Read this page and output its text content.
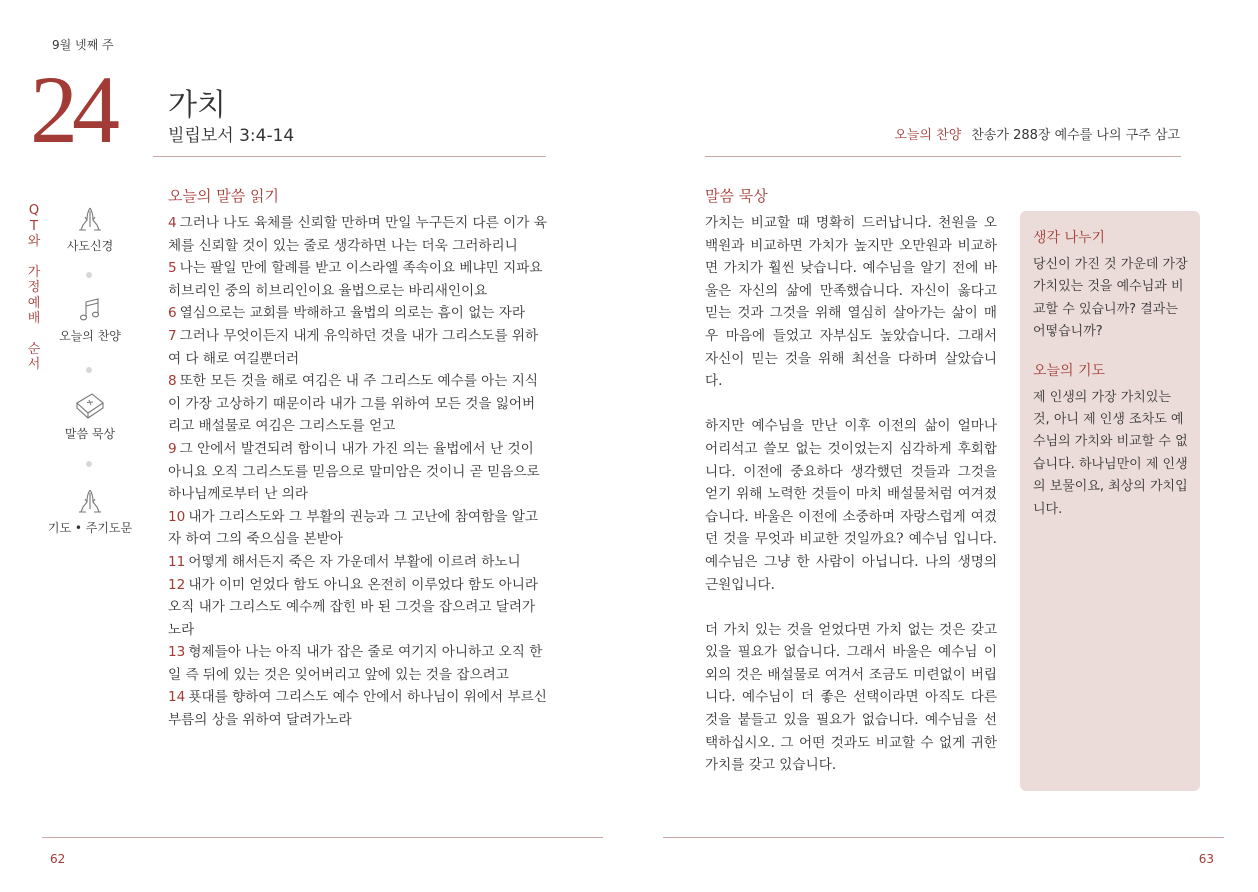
9월 넷째 주
24 가치
빌립보서 3:4-14	오늘의 찬양 찬송가 288장 예수를 나의 구주 삼고
Q
T
와
가
정
예
배
순
서
사도신경
오늘의 찬양
말씀 묵상
기도 • 주기도문
오늘의 말씀 읽기
4 그러나 나도 육체를 신뢰할 만하며 만일 누구든지 다른 이가 육체를 신뢰할 것이 있는 줄로 생각하면 나는 더욱 그러하리니
5 나는 팔일 만에 할례를 받고 이스라엘 족속이요 베냐민 지파요 히브리인 중의 히브리인이요 율법으로는 바리새인이요
6 열심으로는 교회를 박해하고 율법의 의로는 흠이 없는 자라
7 그러나 무엇이든지 내게 유익하던 것을 내가 그리스도를 위하여 다 해로 여길뿐더러
8 또한 모든 것을 해로 여김은 내 주 그리스도 예수를 아는 지식이 가장 고상하기 때문이라 내가 그를 위하여 모든 것을 잃어버리고 배설물로 여김은 그리스도를 얻고
9 그 안에서 발견되려 함이니 내가 가진 의는 율법에서 난 것이 아니요 오직 그리스도를 믿음으로 말미암은 것이니 곧 믿음으로 하나님께로부터 난 의라
10 내가 그리스도와 그 부활의 권능과 그 고난에 참여함을 알고자 하여 그의 죽으심을 본받아
11 어떻게 해서든지 죽은 자 가운데서 부활에 이르려 하노니
12 내가 이미 얻었다 함도 아니요 온전히 이루었다 함도 아니라 오직 내가 그리스도 예수께 잡힌 바 된 그것을 잡으려고 달려가노라
13 형제들아 나는 아직 내가 잡은 줄로 여기지 아니하고 오직 한 일 즉 뒤에 있는 것은 잊어버리고 앞에 있는 것을 잡으려고
14 푯대를 향하여 그리스도 예수 안에서 하나님이 위에서 부르신 부름의 상을 위하여 달려가노라
말씀 묵상

가치는 비교할 때 명확히 드러납니다. 천원을 오백원과 비교하면 가치가 높지만 오만원과 비교하면 가치가 훨씬 낮습니다. 예수님을 알기 전에 바울은 자신의 삶에 만족했습니다. 자신이 옳다고 믿는 것과 그것을 위해 열심히 살아가는 삶이 매우 마음에 들었고 자부심도 높았습니다. 그래서 자신이 믿는 것을 위해 최선을 다하며 살았습니다.

하지만 예수님을 만난 이후 이전의 삶이 얼마나 어리석고 쓸모 없는 것이었는지 심각하게 후회합니다. 이전에 중요하다 생각했던 것들과 그것을 얻기 위해 노력한 것들이 마치 배설물처럼 여겨졌습니다. 바울은 이전에 소중하며 자랑스럽게 여겼던 것을 무엇과 비교한 것일까요? 예수님 입니다. 예수님은 그냥 한 사람이 아닙니다. 나의 생명의 근원입니다.

더 가치 있는 것을 얻었다면 가치 없는 것은 갖고 있을 필요가 없습니다. 그래서 바울은 예수님 이외의 것은 배설물로 여겨서 조금도 미련없이 버립니다. 예수님이 더 좋은 선택이라면 아직도 다른 것을 붙들고 있을 필요가 없습니다. 예수님을 선택하십시오. 그 어떤 것과도 비교할 수 없게 귀한 가치를 갖고 있습니다.

생각 나누기
당신이 가진 것 가운데 가장 가치있는 것을 예수님과 비교할 수 있습니까? 결과는 어떻습니까?
오늘의 기도
제 인생의 가장 가치있는 것, 아니 제 인생 조차도 예수님의 가치와 비교할 수 없습니다. 하나님만이 제 인생의 보물이요, 최상의 가치입니다.
62	63
